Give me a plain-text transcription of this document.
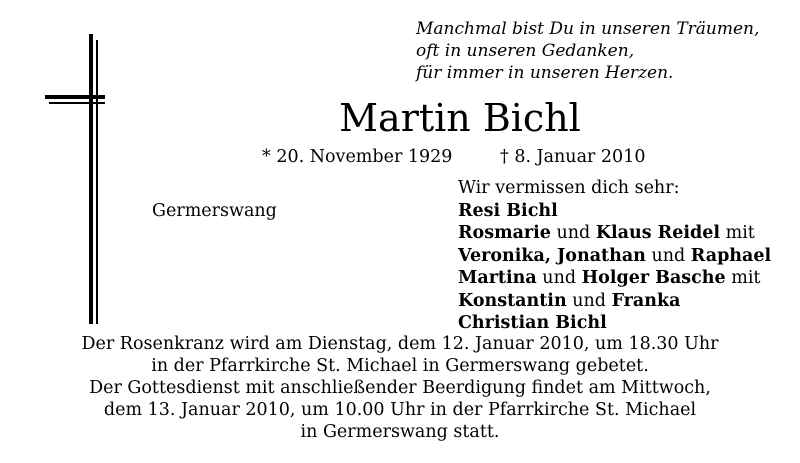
Manchmal bist Du in unseren Träumen,
oft in unseren Gedanken,
für immer in unseren Herzen.
Martin Bichl
* 20. November 1929	† 8. Januar 2010
Germerswang
Wir vermissen dich sehr:
Resi Bichl
Rosmarie und Klaus Reidel mit
Veronika, Jonathan und Raphael
Martina und Holger Basche mit
Konstantin und Franka
Christian Bichl
Der Rosenkranz wird am Dienstag, dem 12. Januar 2010, um 18.30 Uhr
in der Pfarrkirche St. Michael in Germerswang gebetet.
Der Gottesdienst mit anschließender Beerdigung findet am Mittwoch,
dem 13. Januar 2010, um 10.00 Uhr in der Pfarrkirche St. Michael
in Germerswang statt.
